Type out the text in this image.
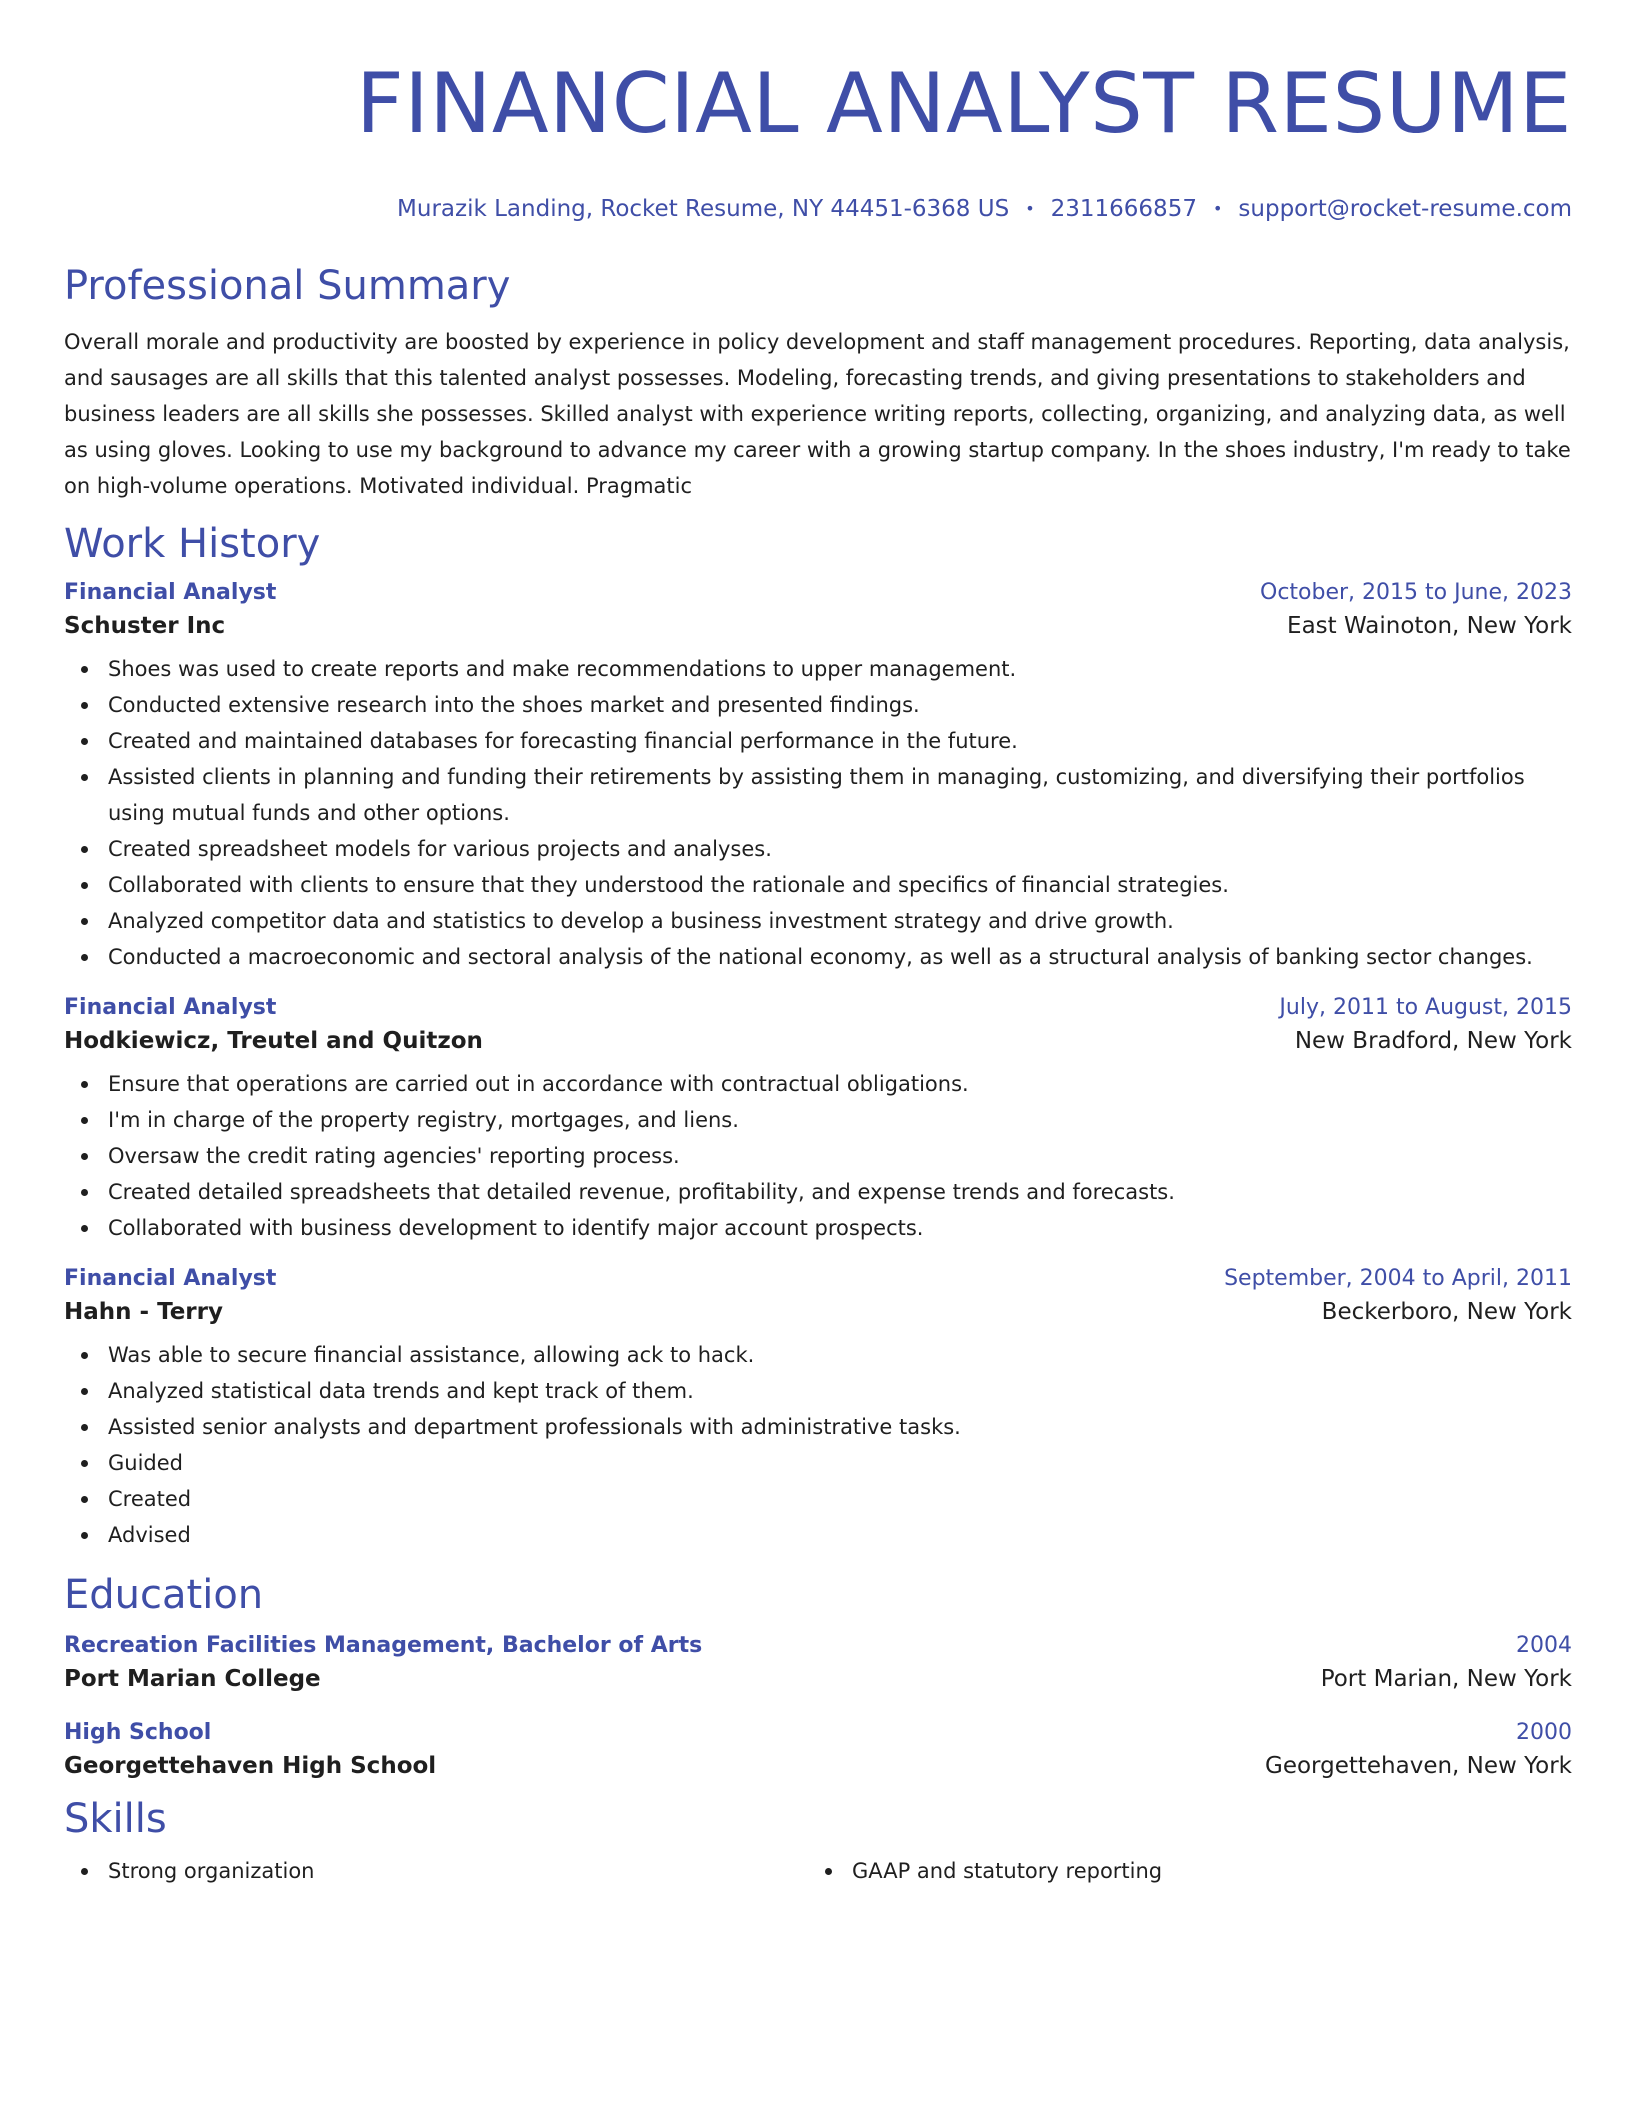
FINANCIAL ANALYST RESUME
Murazik Landing, Rocket Resume, NY 44451-6368 US • 2311666857 • support@rocket-resume.com
Professional Summary

Overall morale and productivity are boosted by experience in policy development and staff management procedures. Reporting, data analysis, and sausages are all skills that this talented analyst possesses. Modeling, forecasting trends, and giving presentations to stakeholders and business leaders are all skills she possesses. Skilled analyst with experience writing reports, collecting, organizing, and analyzing data, as well as using gloves. Looking to use my background to advance my career with a growing startup company. In the shoes industry, I'm ready to take on high-volume operations. Motivated individual. Pragmatic

Work History
Financial Analyst	October, 2015 to June, 2023
Schuster Inc	East Wainoton, New York
Shoes was used to create reports and make recommendations to upper management.
Conducted extensive research into the shoes market and presented findings.
Created and maintained databases for forecasting financial performance in the future.
Assisted clients in planning and funding their retirements by assisting them in managing, customizing, and diversifying their portfolios using mutual funds and other options.
Created spreadsheet models for various projects and analyses.
Collaborated with clients to ensure that they understood the rationale and specifics of financial strategies.
Analyzed competitor data and statistics to develop a business investment strategy and drive growth.
Conducted a macroeconomic and sectoral analysis of the national economy, as well as a structural analysis of banking sector changes.
Financial Analyst	July, 2011 to August, 2015
Hodkiewicz, Treutel and Quitzon	New Bradford, New York
Ensure that operations are carried out in accordance with contractual obligations.
I'm in charge of the property registry, mortgages, and liens.
Oversaw the credit rating agencies' reporting process.
Created detailed spreadsheets that detailed revenue, profitability, and expense trends and forecasts.
Collaborated with business development to identify major account prospects.
Financial Analyst	September, 2004 to April, 2011
Hahn - Terry	Beckerboro, New York
Was able to secure financial assistance, allowing ack to hack.
Analyzed statistical data trends and kept track of them.
Assisted senior analysts and department professionals with administrative tasks.
Guided
Created
Advised
Education
Recreation Facilities Management, Bachelor of Arts	2004
Port Marian College	Port Marian, New York
High School	2000
Georgettehaven High School	Georgettehaven, New York
Skills
Strong organization	GAAP and statutory reporting
